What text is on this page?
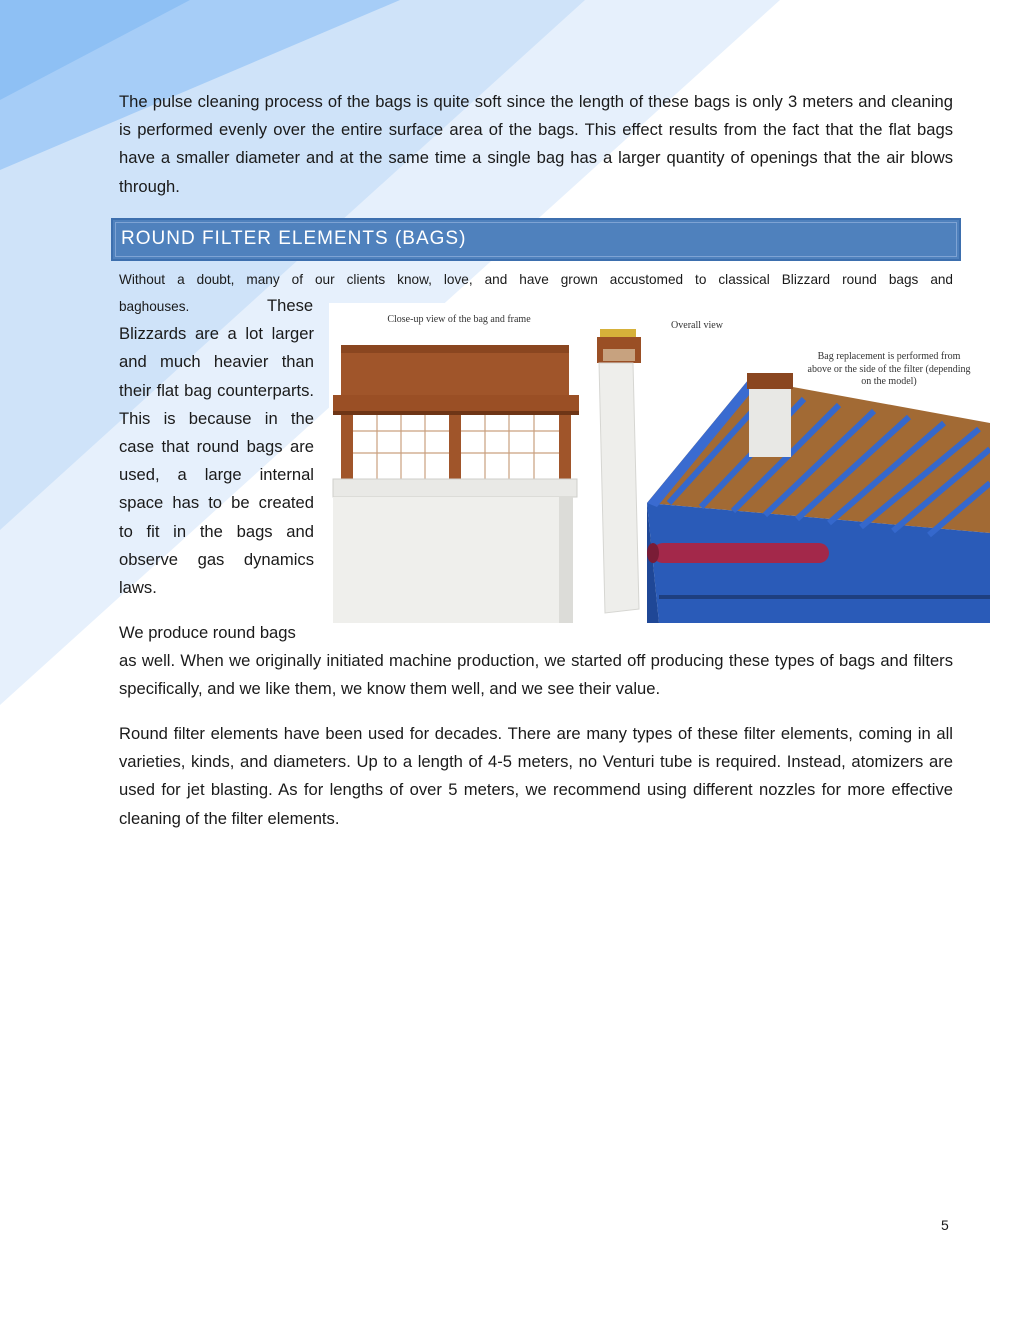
The pulse cleaning process of the bags is quite soft since the length of these bags is only 3 meters and cleaning is performed evenly over the entire surface area of the bags. This effect results from the fact that the flat bags have a smaller diameter and at the same time a single bag has a larger quantity of openings that the air blows through.

ROUND FILTER ELEMENTS (BAGS)

Without a doubt, many of our clients know, love, and have grown accustomed to classical Blizzard round bags and

baghouses.	These Blizzards are a lot larger and much heavier than their flat bag counterparts. This is because in the case that round bags are used, a large internal space has to be created to fit in the bags and observe gas dynamics laws.

We produce round bags

as well. When we originally initiated machine production, we started off producing these types of bags and filters specifically, and we like them, we know them well, and we see their value.

Round filter elements have been used for decades. There are many types of these filter elements, coming in all varieties, kinds, and diameters. Up to a length of 4-5 meters, no Venturi tube is required. Instead, atomizers are used for jet blasting. As for lengths of over 5 meters, we recommend using different nozzles for more effective cleaning of the filter elements.

Close-up view of the bag and frame
Overall view
Bag replacement is performed from
above or the side of the filter (depending
on the model)
5
